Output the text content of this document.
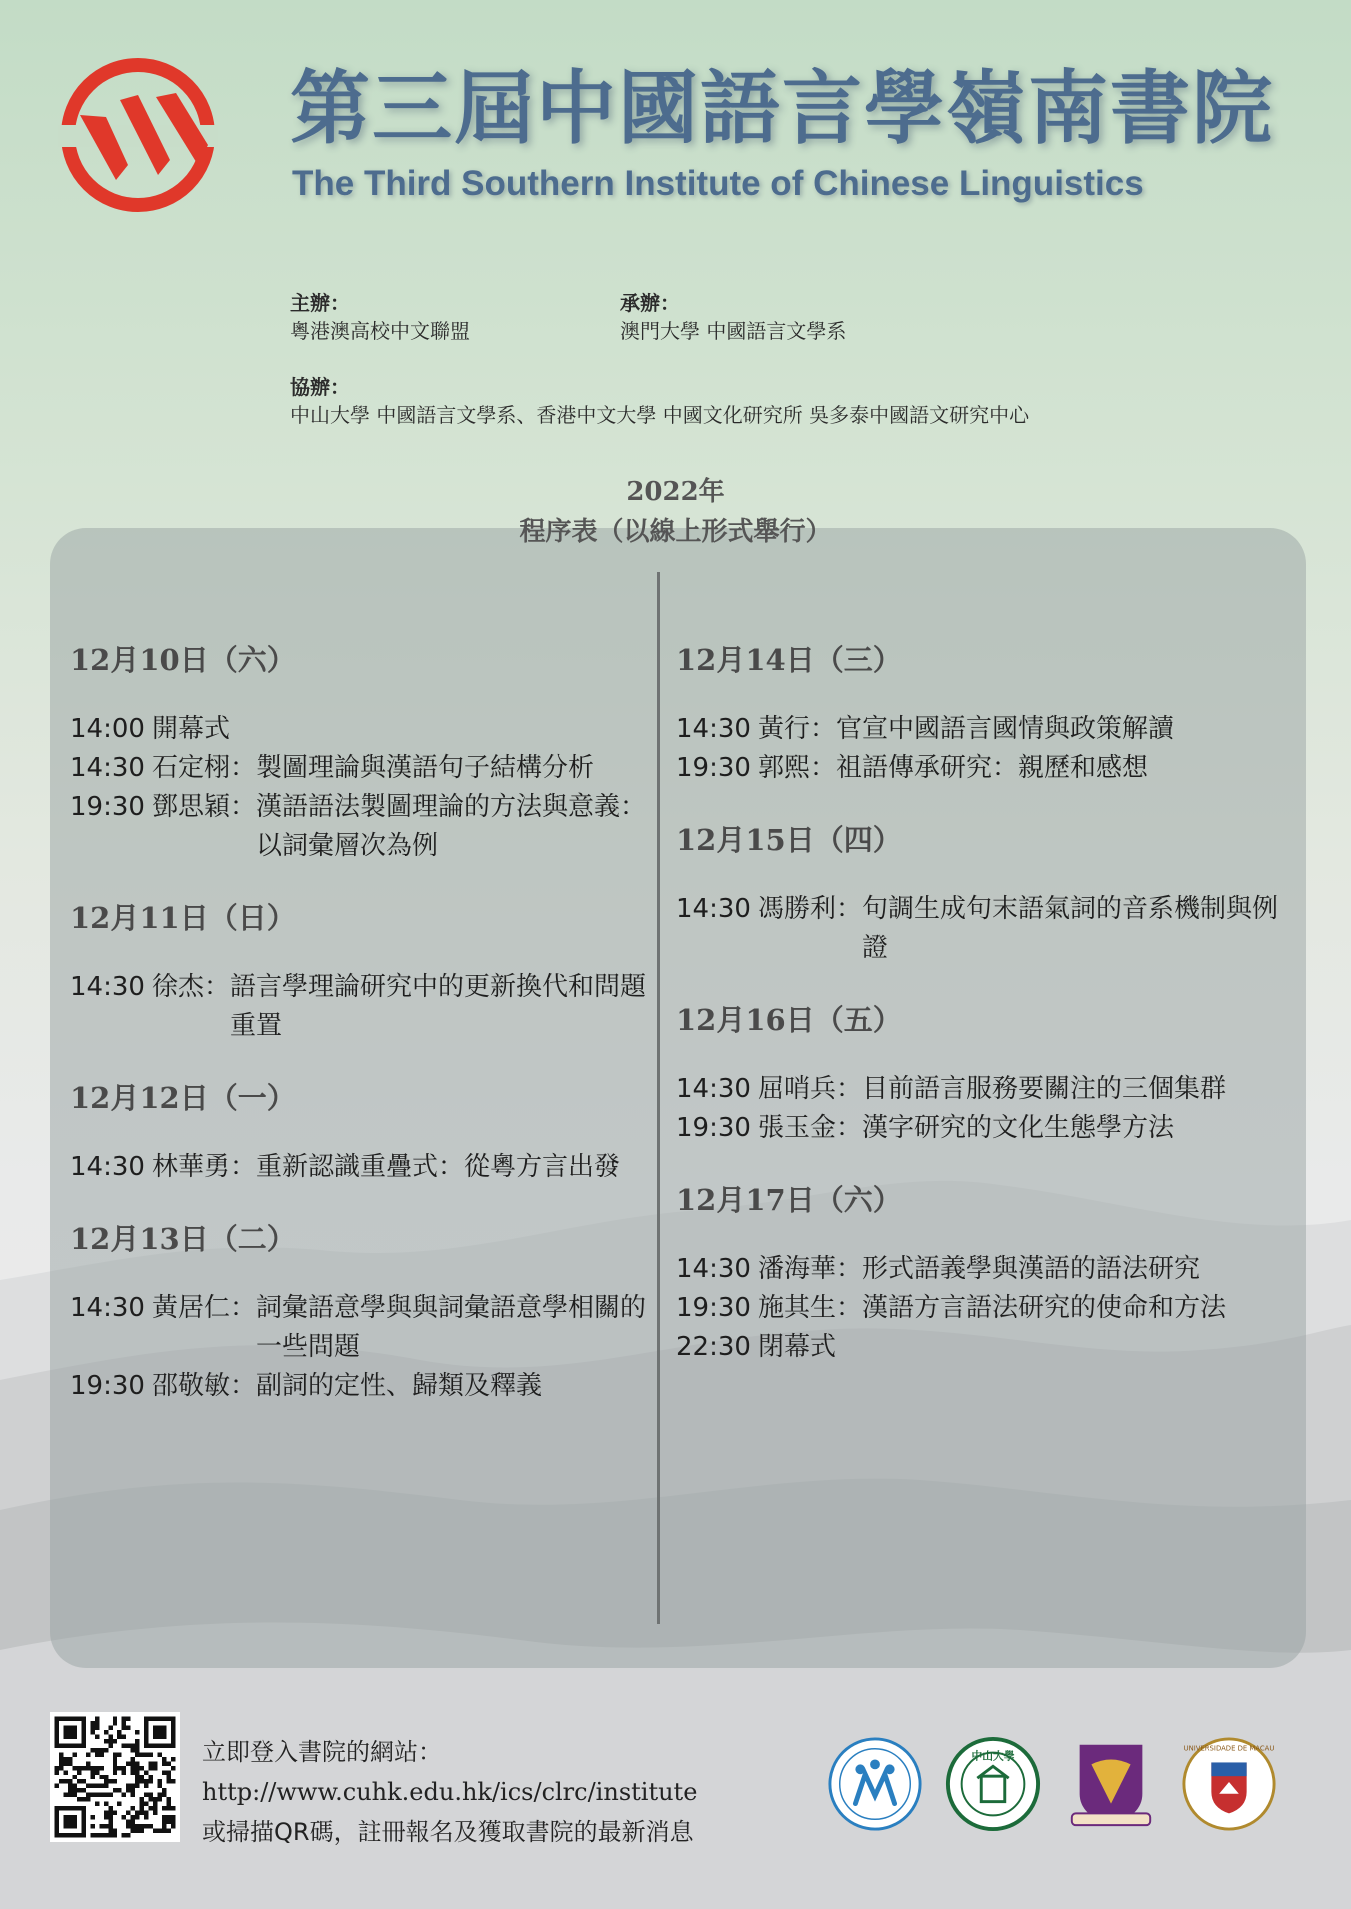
第三屆中國語言學嶺南書院
The Third Southern Institute of Chinese Linguistics
主辦：
粵港澳高校中文聯盟
承辦：
澳門大學 中國語言文學系
協辦：
中山大學 中國語言文學系、香港中文大學 中國文化研究所 吳多泰中國語文研究中心
2022年
程序表（以線上形式舉行）
12月10日（六）
14:00 開幕式
14:30 石定栩： 製圖理論與漢語句子結構分析
19:30 鄧思穎： 漢語語法製圖理論的方法與意義：以詞彙層次為例
12月11日（日）
14:30 徐杰： 語言學理論研究中的更新換代和問題重置
12月12日（一）
14:30 林華勇： 重新認識重疊式：從粵方言出發
12月13日（二）
14:30 黃居仁： 詞彙語意學與與詞彙語意學相關的一些問題
19:30 邵敬敏： 副詞的定性、歸類及釋義
12月14日（三）
14:30 黃行： 官宣中國語言國情與政策解讀
19:30 郭熙： 祖語傳承研究：親歷和感想
12月15日（四）
14:30 馮勝利： 句調生成句末語氣詞的音系機制與例證
12月16日（五）
14:30 屈哨兵： 目前語言服務要關注的三個集群
19:30 張玉金： 漢字研究的文化生態學方法
12月17日（六）
14:30 潘海華： 形式語義學與漢語的語法研究
19:30 施其生： 漢語方言語法研究的使命和方法
22:30 閉幕式
立即登入書院的網站：
http://www.cuhk.edu.hk/ics/clrc/institute
或掃描QR碼，註冊報名及獲取書院的最新消息
中山大學
UNIVERSIDADE DE MACAU
